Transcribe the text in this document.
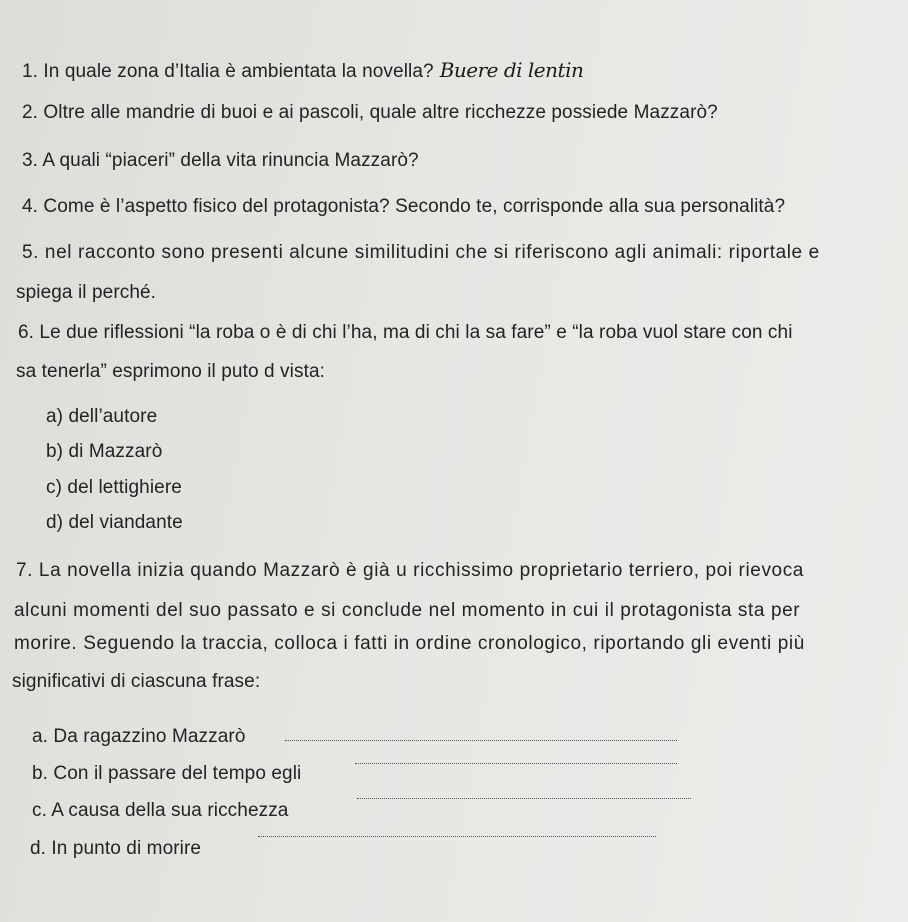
1. In quale zona d’Italia è ambientata la novella? Buere di lentin
2. Oltre alle mandrie di buoi e ai pascoli, quale altre ricchezze possiede Mazzarò?
3. A quali “piaceri” della vita rinuncia Mazzarò?
4. Come è l’aspetto fisico del protagonista? Secondo te, corrisponde alla sua personalità?
5. nel racconto sono presenti alcune similitudini che si riferiscono agli animali: riportale e
spiega il perché.
6. Le due riflessioni “la roba o è di chi l’ha, ma di chi la sa fare” e “la roba vuol stare con chi
sa tenerla” esprimono il puto d vista:
a) dell’autore
b) di Mazzarò
c) del lettighiere
d) del viandante
7. La novella inizia quando Mazzarò è già u ricchissimo proprietario terriero, poi rievoca
alcuni momenti del suo passato e si conclude nel momento in cui il protagonista sta per
morire. Seguendo la traccia, colloca i fatti in ordine cronologico, riportando gli eventi più
significativi di ciascuna frase:
a. Da ragazzino Mazzarò
b. Con il passare del tempo egli
c. A causa della sua ricchezza
d. In punto di morire
